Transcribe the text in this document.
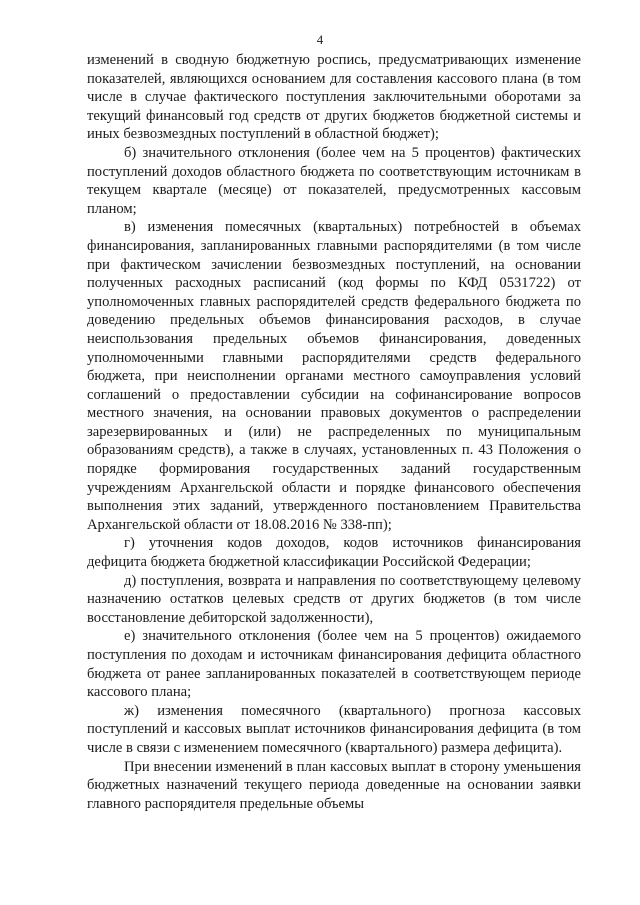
4

изменений в сводную бюджетную роспись, предусматривающих изменение показателей, являющихся основанием для составления кассового плана (в том числе в случае фактического поступления заключительными оборотами за текущий финансовый год средств от других бюджетов бюджетной системы и иных безвозмездных поступлений в областной бюджет);

б) значительного отклонения (более чем на 5 процентов) фактических поступлений доходов областного бюджета по соответствующим источникам в текущем квартале (месяце) от показателей, предусмотренных кассовым планом;

в) изменения помесячных (квартальных) потребностей в объемах финансирования, запланированных главными распорядителями (в том числе при фактическом зачислении безвозмездных поступлений, на основании полученных расходных расписаний (код формы по КФД 0531722) от уполномоченных главных распорядителей средств федерального бюджета по доведению предельных объемов финансирования расходов, в случае неиспользования предельных объемов финансирования, доведенных уполномоченными главными распорядителями средств федерального бюджета, при неисполнении органами местного самоуправления условий соглашений о предоставлении субсидии на софинансирование вопросов местного значения, на основании правовых документов о распределении зарезервированных и (или) не распределенных по муниципальным образованиям средств), а также в случаях, установленных п. 43 Положения о порядке формирования государственных заданий государственным учреждениям Архангельской области и порядке финансового обеспечения выполнения этих заданий, утвержденного постановлением Правительства Архангельской области от 18.08.2016 № 338-пп);

г) уточнения кодов доходов, кодов источников финансирования дефицита бюджета бюджетной классификации Российской Федерации;

д) поступления, возврата и направления по соответствующему целевому назначению остатков целевых средств от других бюджетов (в том числе восстановление дебиторской задолженности),

е) значительного отклонения (более чем на 5 процентов) ожидаемого поступления по доходам и источникам финансирования дефицита областного бюджета от ранее запланированных показателей в соответствующем периоде кассового плана;

ж) изменения помесячного (квартального) прогноза кассовых поступлений и кассовых выплат источников финансирования дефицита (в том числе в связи с изменением помесячного (квартального) размера дефицита).

При внесении изменений в план кассовых выплат в сторону уменьшения бюджетных назначений текущего периода доведенные на основании заявки главного распорядителя предельные объемы
